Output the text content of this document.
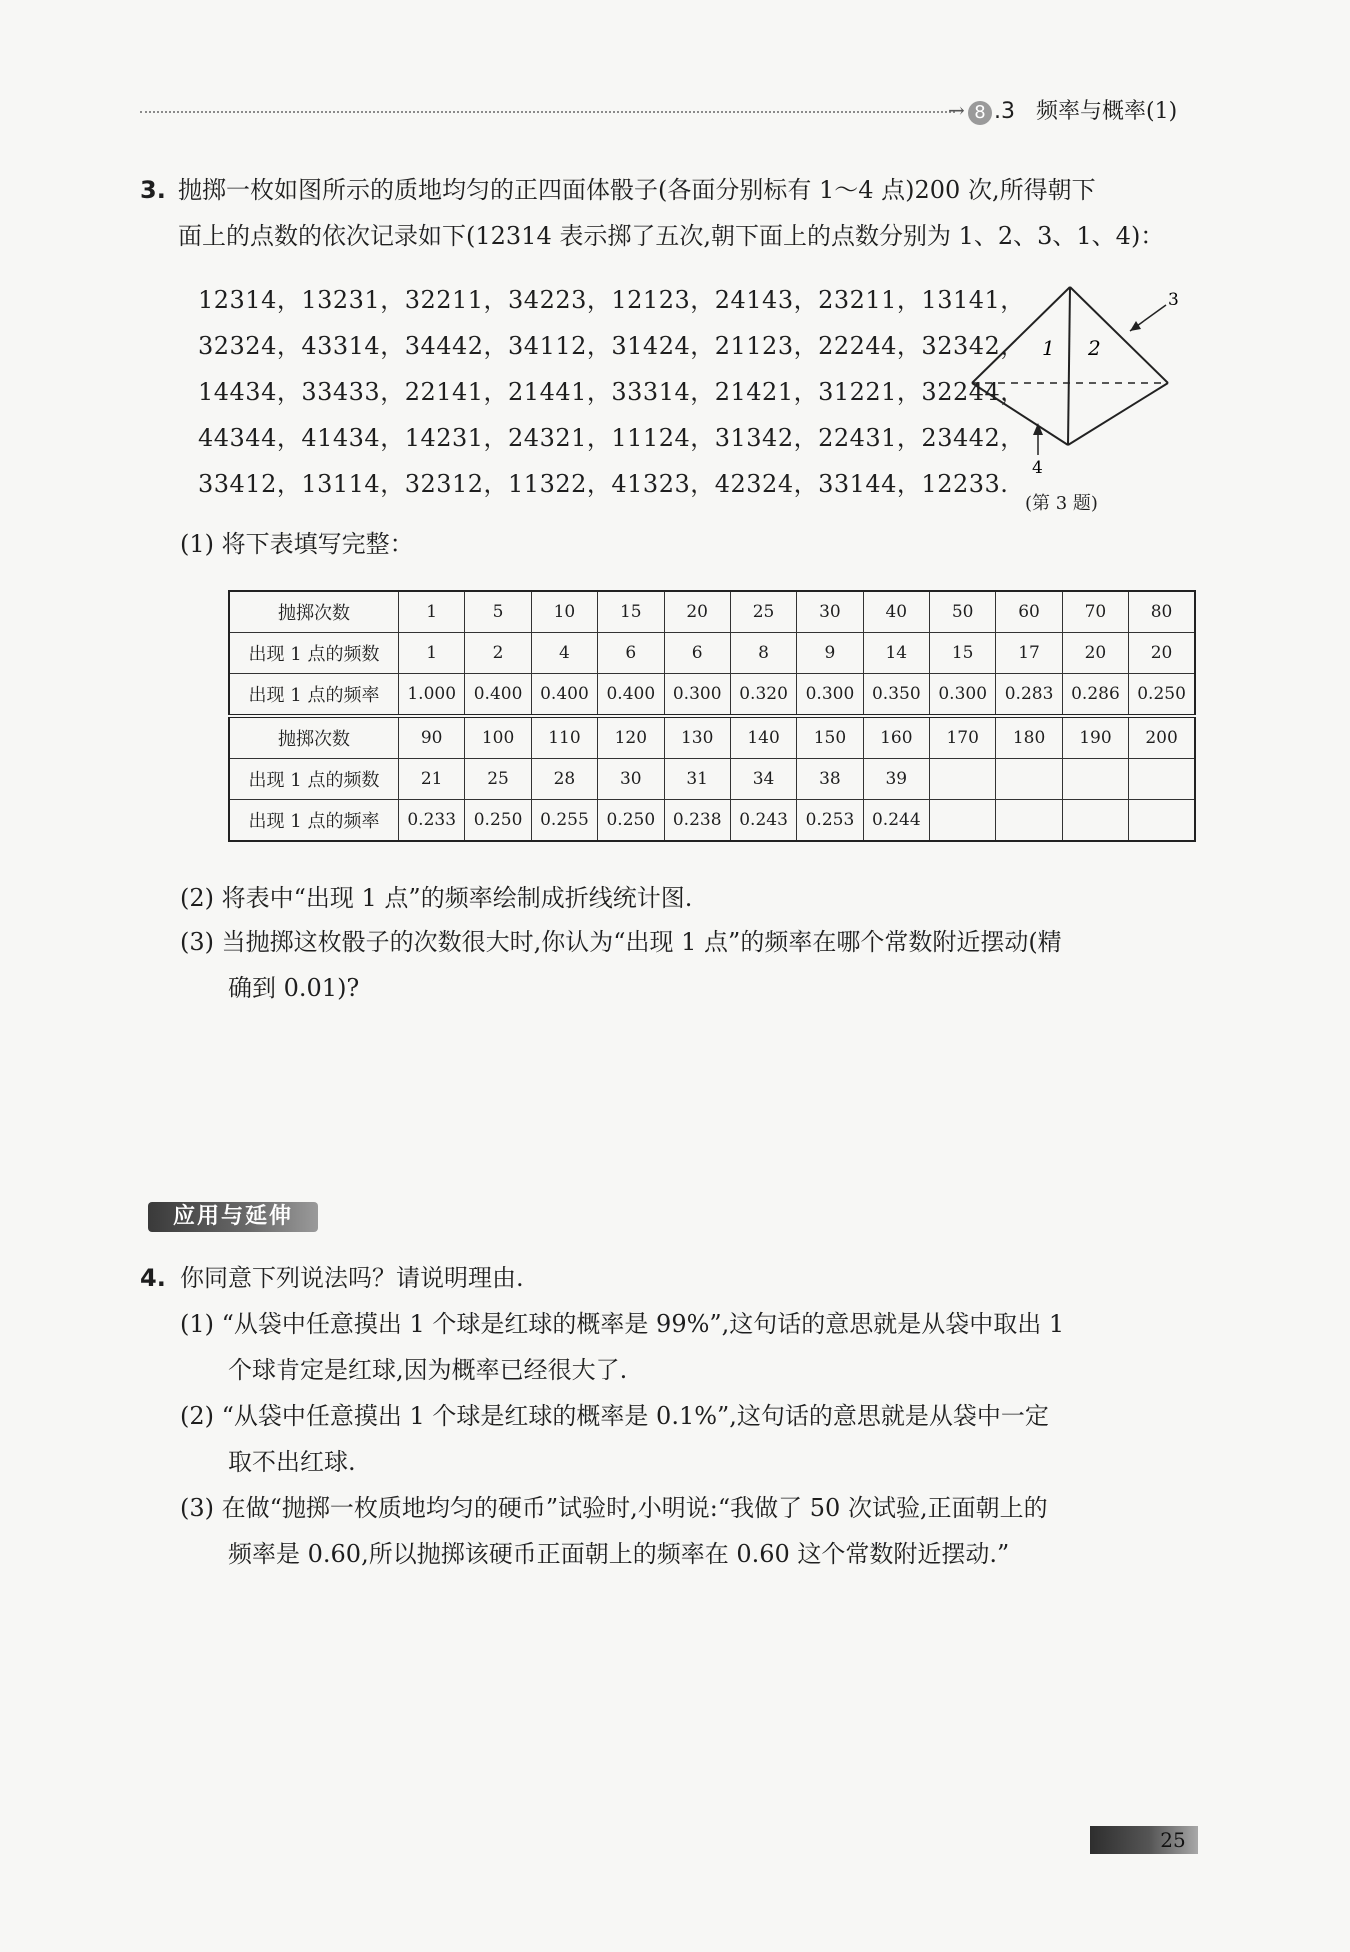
→ 8 .3 频率与概率(1)
3. 抛掷一枚如图所示的质地均匀的正四面体骰子(各面分别标有 1～4 点)200 次,所得朝下
面上的点数的依次记录如下(12314 表示掷了五次,朝下面上的点数分别为 1、2、3、1、4)：
12314，13231，32211，34223，12123，24143，23211，13141，
32324，43314，34442，34112，31424，21123，22244，32342，
14434，33433，22141，21441，33314，21421，31221，32244，
44344，41434，14231，24321，11124，31342，22431，23442，
33412，13114，32312，11322，41323，42324，33144，12233.
1 2
3
4
(第 3 题)
(1) 将下表填写完整：
抛掷次数	1	5	10	15	20	25	30	40	50	60	70	80
出现 1 点的频数	1	2	4	6	6	8	9	14	15	17	20	20
出现 1 点的频率	1.000	0.400	0.400	0.400	0.300	0.320	0.300	0.350	0.300	0.283	0.286	0.250
抛掷次数	90	100	110	120	130	140	150	160	170	180	190	200
出现 1 点的频数	21	25	28	30	31	34	38	39				
出现 1 点的频率	0.233	0.250	0.255	0.250	0.238	0.243	0.253	0.244				
(2) 将表中“出现 1 点”的频率绘制成折线统计图.
(3) 当抛掷这枚骰子的次数很大时,你认为“出现 1 点”的频率在哪个常数附近摆动(精
确到 0.01)?
应用与延伸
4. 你同意下列说法吗？请说明理由.
(1) “从袋中任意摸出 1 个球是红球的概率是 99%”,这句话的意思就是从袋中取出 1
个球肯定是红球,因为概率已经很大了.
(2) “从袋中任意摸出 1 个球是红球的概率是 0.1%”,这句话的意思就是从袋中一定
取不出红球.
(3) 在做“抛掷一枚质地均匀的硬币”试验时,小明说:“我做了 50 次试验,正面朝上的
频率是 0.60,所以抛掷该硬币正面朝上的频率在 0.60 这个常数附近摆动.”
25
